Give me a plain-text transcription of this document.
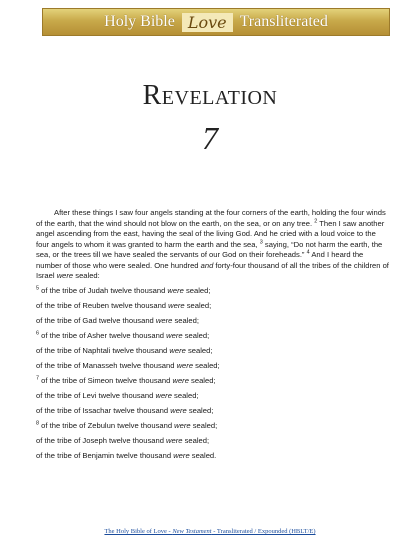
Holy Bible Love Transliterated
Revelation
7

After these things I saw four angels standing at the four corners of the earth, holding the four winds of the earth, that the wind should not blow on the earth, on the sea, or on any tree. $^2$ Then I saw another angel ascending from the east, having the seal of the living God. And he cried with a loud voice to the four angels to whom it was granted to harm the earth and the sea, $^3$ saying, “Do not harm the earth, the sea, or the trees till we have sealed the servants of our God on their foreheads.” $^4$ And I heard the number of those who were sealed. One hundred and forty-four thousand of all the tribes of the children of Israel were sealed:

$^5$ of the tribe of Judah twelve thousand were sealed;
of the tribe of Reuben twelve thousand were sealed;
of the tribe of Gad twelve thousand were sealed;
$^6$ of the tribe of Asher twelve thousand were sealed;
of the tribe of Naphtali twelve thousand were sealed;
of the tribe of Manasseh twelve thousand were sealed;
$^7$ of the tribe of Simeon twelve thousand were sealed;
of the tribe of Levi twelve thousand were sealed;
of the tribe of Issachar twelve thousand were sealed;
$^8$ of the tribe of Zebulun twelve thousand were sealed;
of the tribe of Joseph twelve thousand were sealed;
of the tribe of Benjamin twelve thousand were sealed.
The Holy Bible of Love - New Testament - Transliterated / Expounded (HBLT/E)
